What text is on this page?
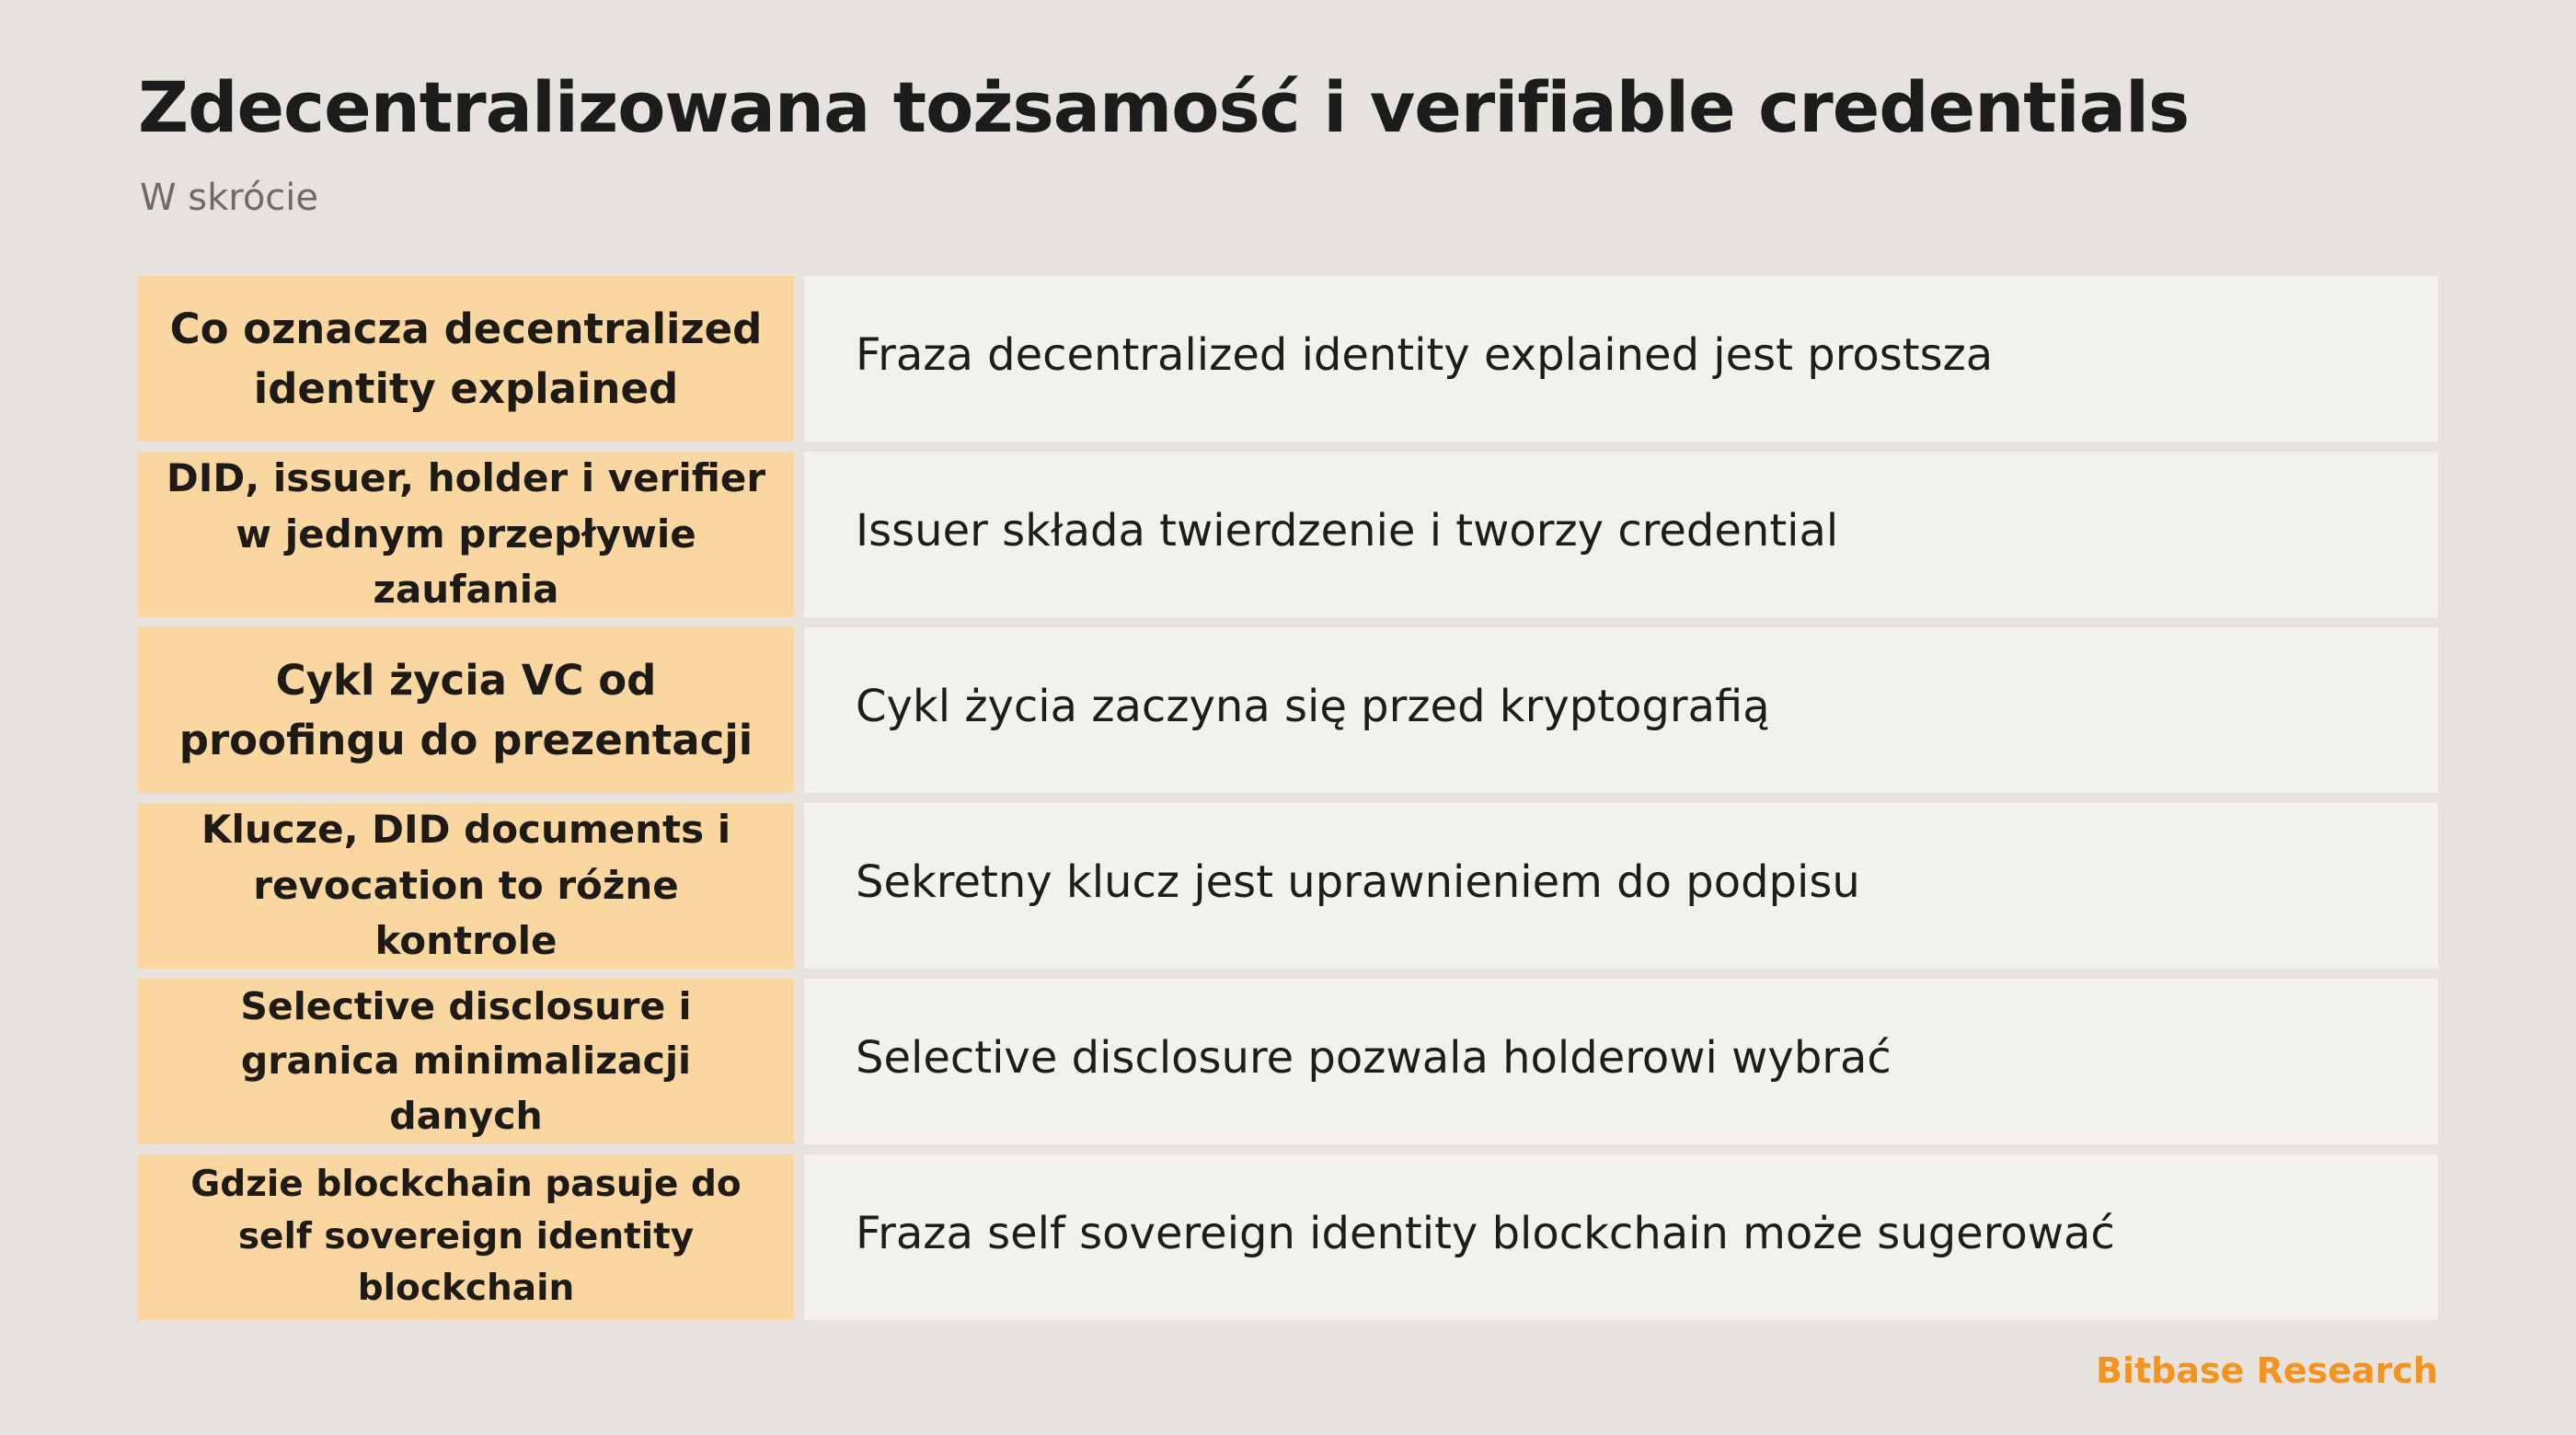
Zdecentralizowana tożsamość i verifiable credentials
W skrócie
Co oznacza decentralized identity explained
Fraza decentralized identity explained jest prostsza
DID, issuer, holder i verifier w jednym przepływie zaufania
Issuer składa twierdzenie i tworzy credential
Cykl życia VC od proofingu do prezentacji
Cykl życia zaczyna się przed kryptografią
Klucze, DID documents i revocation to różne kontrole
Sekretny klucz jest uprawnieniem do podpisu
Selective disclosure i granica minimalizacji danych
Selective disclosure pozwala holderowi wybrać
Gdzie blockchain pasuje do self sovereign identity blockchain
Fraza self sovereign identity blockchain może sugerować
Bitbase Research
